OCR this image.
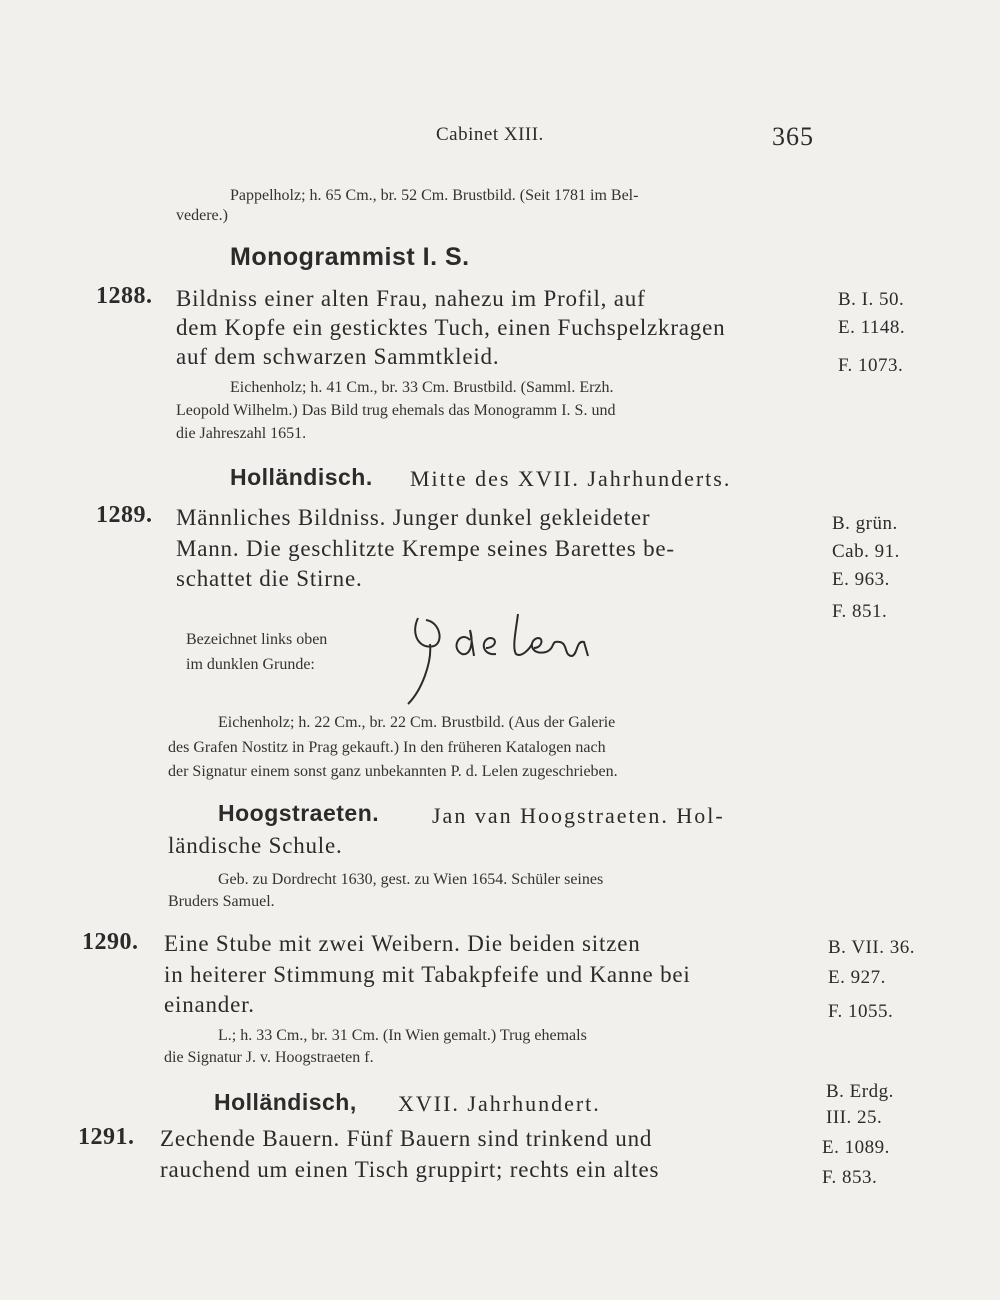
Cabinet XIII.	365
Pappelholz; h. 65 Cm., br. 52 Cm. Brustbild. (Seit 1781 im Bel-
vedere.)
Monogrammist I. S.
1288. Bildniss einer alten Frau, nahezu im Profil, auf
dem Kopfe ein gesticktes Tuch, einen Fuchspelzkragen
auf dem schwarzen Sammtkleid.
B. I. 50.
E. 1148.
F. 1073.
Eichenholz; h. 41 Cm., br. 33 Cm. Brustbild. (Samml. Erzh.
Leopold Wilhelm.) Das Bild trug ehemals das Monogramm I. S. und
die Jahreszahl 1651.
Holländisch. Mitte des XVII. Jahrhunderts.
1289. Männliches Bildniss. Junger dunkel gekleideter
Mann. Die geschlitzte Krempe seines Barettes be-
schattet die Stirne.
B. grün.
Cab. 91.
E. 963.
F. 851.
Bezeichnet links oben
im dunklen Grunde:
Eichenholz; h. 22 Cm., br. 22 Cm. Brustbild. (Aus der Galerie
des Grafen Nostitz in Prag gekauft.) In den früheren Katalogen nach
der Signatur einem sonst ganz unbekannten P. d. Lelen zugeschrieben.
Hoogstraeten. Jan van Hoogstraeten. Hol-
ländische Schule.
Geb. zu Dordrecht 1630, gest. zu Wien 1654. Schüler seines
Bruders Samuel.
1290. Eine Stube mit zwei Weibern. Die beiden sitzen
in heiterer Stimmung mit Tabakpfeife und Kanne bei
einander.
B. VII. 36.
E. 927.
F. 1055.
L.; h. 33 Cm., br. 31 Cm. (In Wien gemalt.) Trug ehemals
die Signatur J. v. Hoogstraeten f.
Holländisch, XVII. Jahrhundert.	B. Erdg.
III. 25.
1291. Zechende Bauern. Fünf Bauern sind trinkend und
rauchend um einen Tisch gruppirt; rechts ein altes
E. 1089.
F. 853.
